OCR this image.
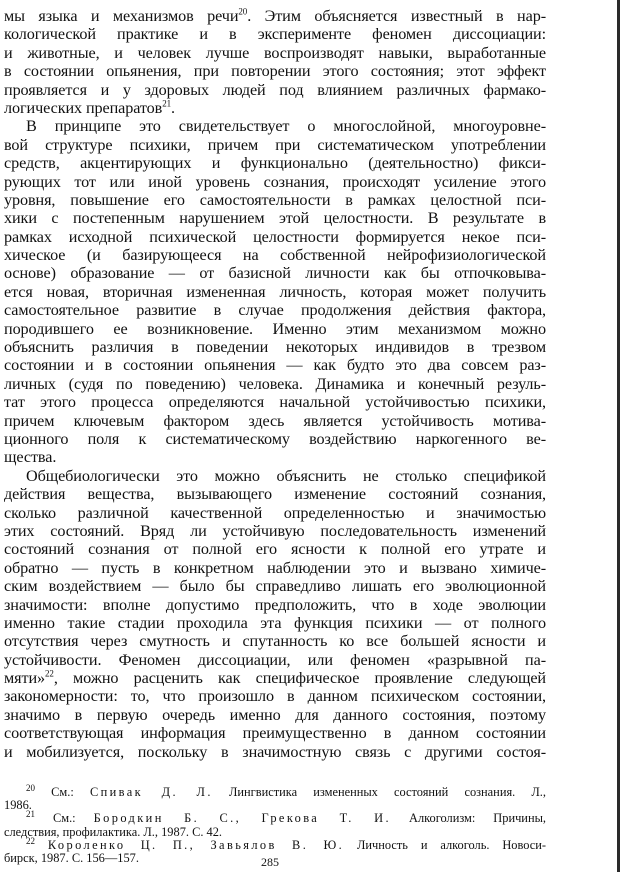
мы языка и механизмов речи$^{20}$. Этим объясняется известный в нар-
кологической практике и в эксперименте феномен диссоциации:
и животные, и человек лучше воспроизводят навыки, выработанные
в состоянии опьянения, при повторении этого состояния; этот эффект
проявляется и у здоровых людей под влиянием различных фармако-
логических препаратов$^{21}$.
В принципе это свидетельствует о многослойной, многоуровне-
вой структуре психики, причем при систематическом употреблении
средств, акцентирующих и функционально (деятельностно) фикси-
рующих тот или иной уровень сознания, происходят усиление этого
уровня, повышение его самостоятельности в рамках целостной пси-
хики с постепенным нарушением этой целостности. В результате в
рамках исходной психической целостности формируется некое пси-
хическое (и базирующееся на собственной нейрофизиологической
основе) образование — от базисной личности как бы отпочковыва-
ется новая, вторичная измененная личность, которая может получить
самостоятельное развитие в случае продолжения действия фактора,
породившего ее возникновение. Именно этим механизмом можно
объяснить различия в поведении некоторых индивидов в трезвом
состоянии и в состоянии опьянения — как будто это два совсем раз-
личных (судя по поведению) человека. Динамика и конечный резуль-
тат этого процесса определяются начальной устойчивостью психики,
причем ключевым фактором здесь является устойчивость мотива-
ционного поля к систематическому воздействию наркогенного ве-
щества.
Общебиологически это можно объяснить не столько спецификой
действия вещества, вызывающего изменение состояний сознания,
сколько различной качественной определенностью и значимостью
этих состояний. Вряд ли устойчивую последовательность изменений
состояний сознания от полной его ясности к полной его утрате и
обратно — пусть в конкретном наблюдении это и вызвано химиче-
ским воздействием — было бы справедливо лишать его эволюционной
значимости: вполне допустимо предположить, что в ходе эволюции
именно такие стадии проходила эта функция психики — от полного
отсутствия через смутность и спутанность ко все большей ясности и
устойчивости. Феномен диссоциации, или феномен «разрывной па-
мяти»$^{22}$, можно расценить как специфическое проявление следующей
закономерности: то, что произошло в данном психическом состоянии,
значимо в первую очередь именно для данного состояния, поэтому
соответствующая информация преимущественно в данном состоянии
и мобилизуется, поскольку в значимостную связь с другими состоя-
$^{20}$ См.: Спивак Д. Л. Лингвистика измененных состояний сознания. Л.,
1986.
$^{21}$ См.: Бородкин Б. С., Грекова Т. И. Алкоголизм: Причины,
следствия, профилактика. Л., 1987. С. 42.
$^{22}$ Короленко Ц. П., Завьялов В. Ю. Личность и алкоголь. Новоси-
бирск, 1987. С. 156—157.	285
